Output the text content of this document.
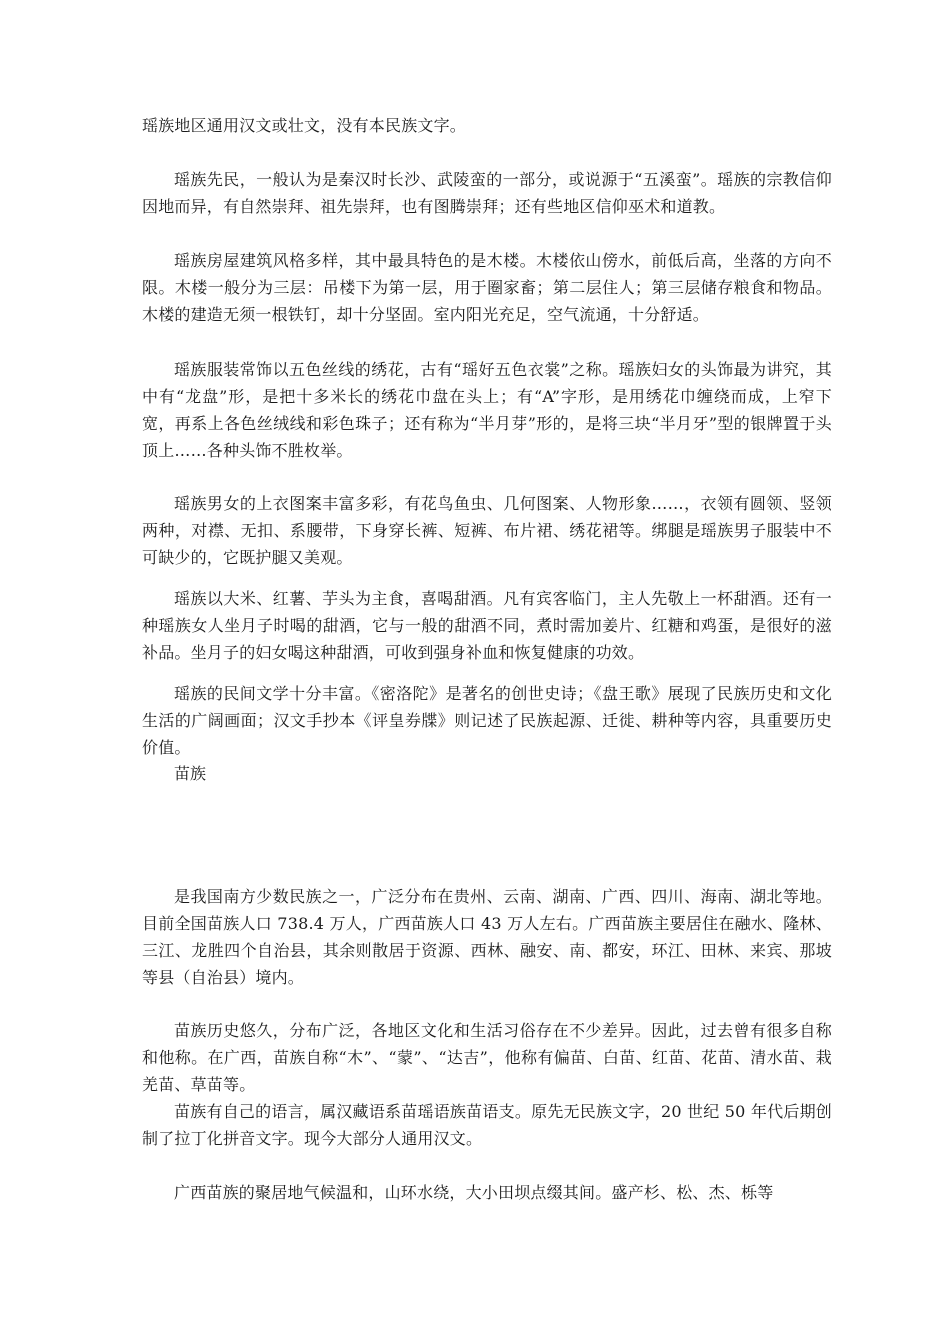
瑶族地区通用汉文或壮文，没有本民族文字。

瑶族先民，一般认为是秦汉时长沙、武陵蛮的一部分，或说源于“五溪蛮”。瑶族的宗教信仰因地而异，有自然崇拜、祖先崇拜，也有图腾崇拜；还有些地区信仰巫术和道教。

瑶族房屋建筑风格多样，其中最具特色的是木楼。木楼依山傍水，前低后高，坐落的方向不限。木楼一般分为三层：吊楼下为第一层，用于圈家畜；第二层住人；第三层储存粮食和物品。木楼的建造无须一根铁钉，却十分坚固。室内阳光充足，空气流通，十分舒适。

瑶族服装常饰以五色丝线的绣花，古有“瑶好五色衣裳”之称。瑶族妇女的头饰最为讲究，其中有“龙盘”形，是把十多米长的绣花巾盘在头上；有“A”字形，是用绣花巾缠绕而成，上窄下宽，再系上各色丝绒线和彩色珠子；还有称为“半月芽”形的，是将三块“半月牙”型的银牌置于头顶上……各种头饰不胜枚举。

瑶族男女的上衣图案丰富多彩，有花鸟鱼虫、几何图案、人物形象……，衣领有圆领、竖领两种，对襟、无扣、系腰带，下身穿长裤、短裤、布片裙、绣花裙等。绑腿是瑶族男子服装中不可缺少的，它既护腿又美观。

瑶族以大米、红薯、芋头为主食，喜喝甜酒。凡有宾客临门，主人先敬上一杯甜酒。还有一种瑶族女人坐月子时喝的甜酒，它与一般的甜酒不同，煮时需加姜片、红糖和鸡蛋，是很好的滋补品。坐月子的妇女喝这种甜酒，可收到强身补血和恢复健康的功效。

瑶族的民间文学十分丰富。《密洛陀》是著名的创世史诗；《盘王歌》展现了民族历史和文化生活的广阔画面；汉文手抄本《评皇券牒》则记述了民族起源、迁徙、耕种等内容，具重要历史价值。

苗族

是我国南方少数民族之一，广泛分布在贵州、云南、湖南、广西、四川、海南、湖北等地。目前全国苗族人口 738.4 万人，广西苗族人口 43 万人左右。广西苗族主要居住在融水、隆林、三江、龙胜四个自治县，其余则散居于资源、西林、融安、南、都安，环江、田林、来宾、那坡等县（自治县）境内。

苗族历史悠久，分布广泛，各地区文化和生活习俗存在不少差异。因此，过去曾有很多自称和他称。在广西，苗族自称“木”、“蒙”、“达吉”，他称有偏苗、白苗、红苗、花苗、清水苗、栽羌苗、草苗等。

苗族有自己的语言，属汉藏语系苗瑶语族苗语支。原先无民族文字，20 世纪 50 年代后期创制了拉丁化拼音文字。现今大部分人通用汉文。

广西苗族的聚居地气候温和，山环水绕，大小田坝点缀其间。盛产杉、松、杰、栎等
